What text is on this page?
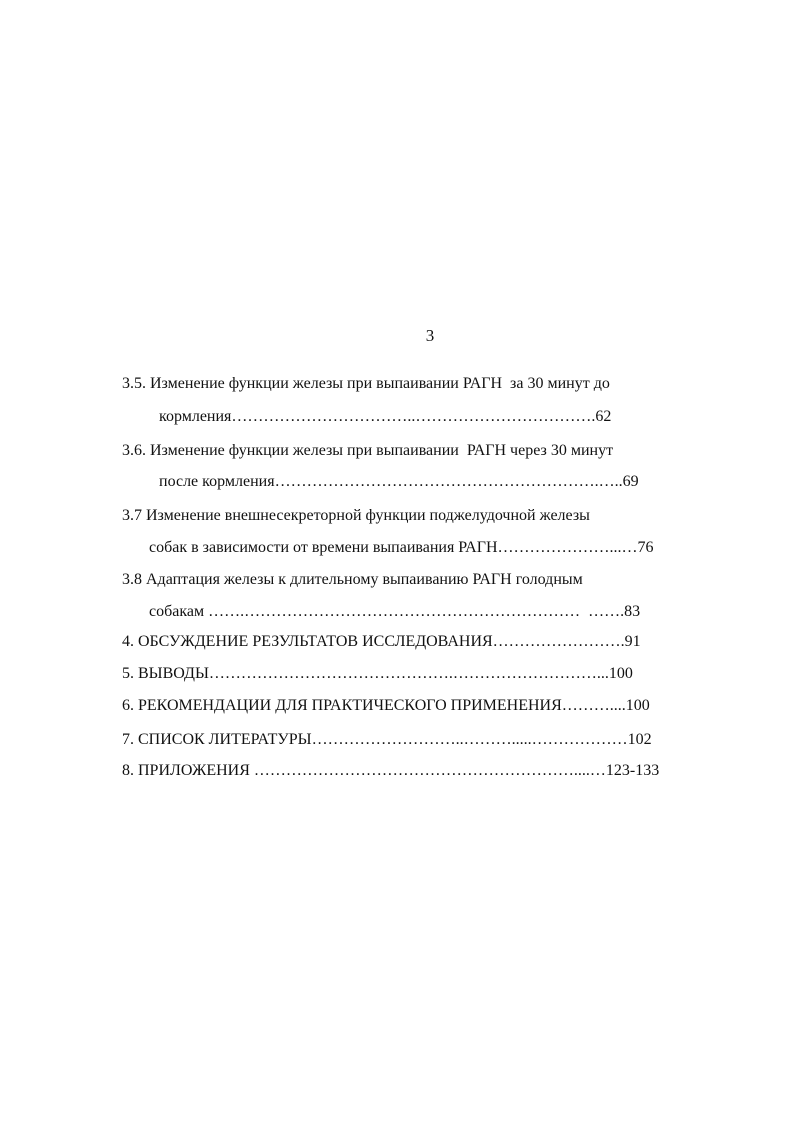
3
3.5. Изменение функции железы при выпаивании РАГН  за 30 минут до
кормления……………………………..…………………………….62
3.6. Изменение функции железы при выпаивании  РАГН через 30 минут
после кормления…………………………………………………….…..69
3.7 Изменение внешнесекреторной функции поджелудочной железы
собак в зависимости от времени выпаивания РАГН…………………...…76
3.8 Адаптация железы к длительному выпаиванию РАГН голодным
собакам …….………………………………………………………  …….83
4. ОБСУЖДЕНИЕ РЕЗУЛЬТАТОВ ИССЛЕДОВАНИЯ…………………….91
5. ВЫВОДЫ……………………………………….………………………...100
6. РЕКОМЕНДАЦИИ ДЛЯ ПРАКТИЧЕСКОГО ПРИМЕНЕНИЯ………....100
7. СПИСОК ЛИТЕРАТУРЫ………………………..……….....………………102
8. ПРИЛОЖЕНИЯ ……………………………………………………....…123-133
